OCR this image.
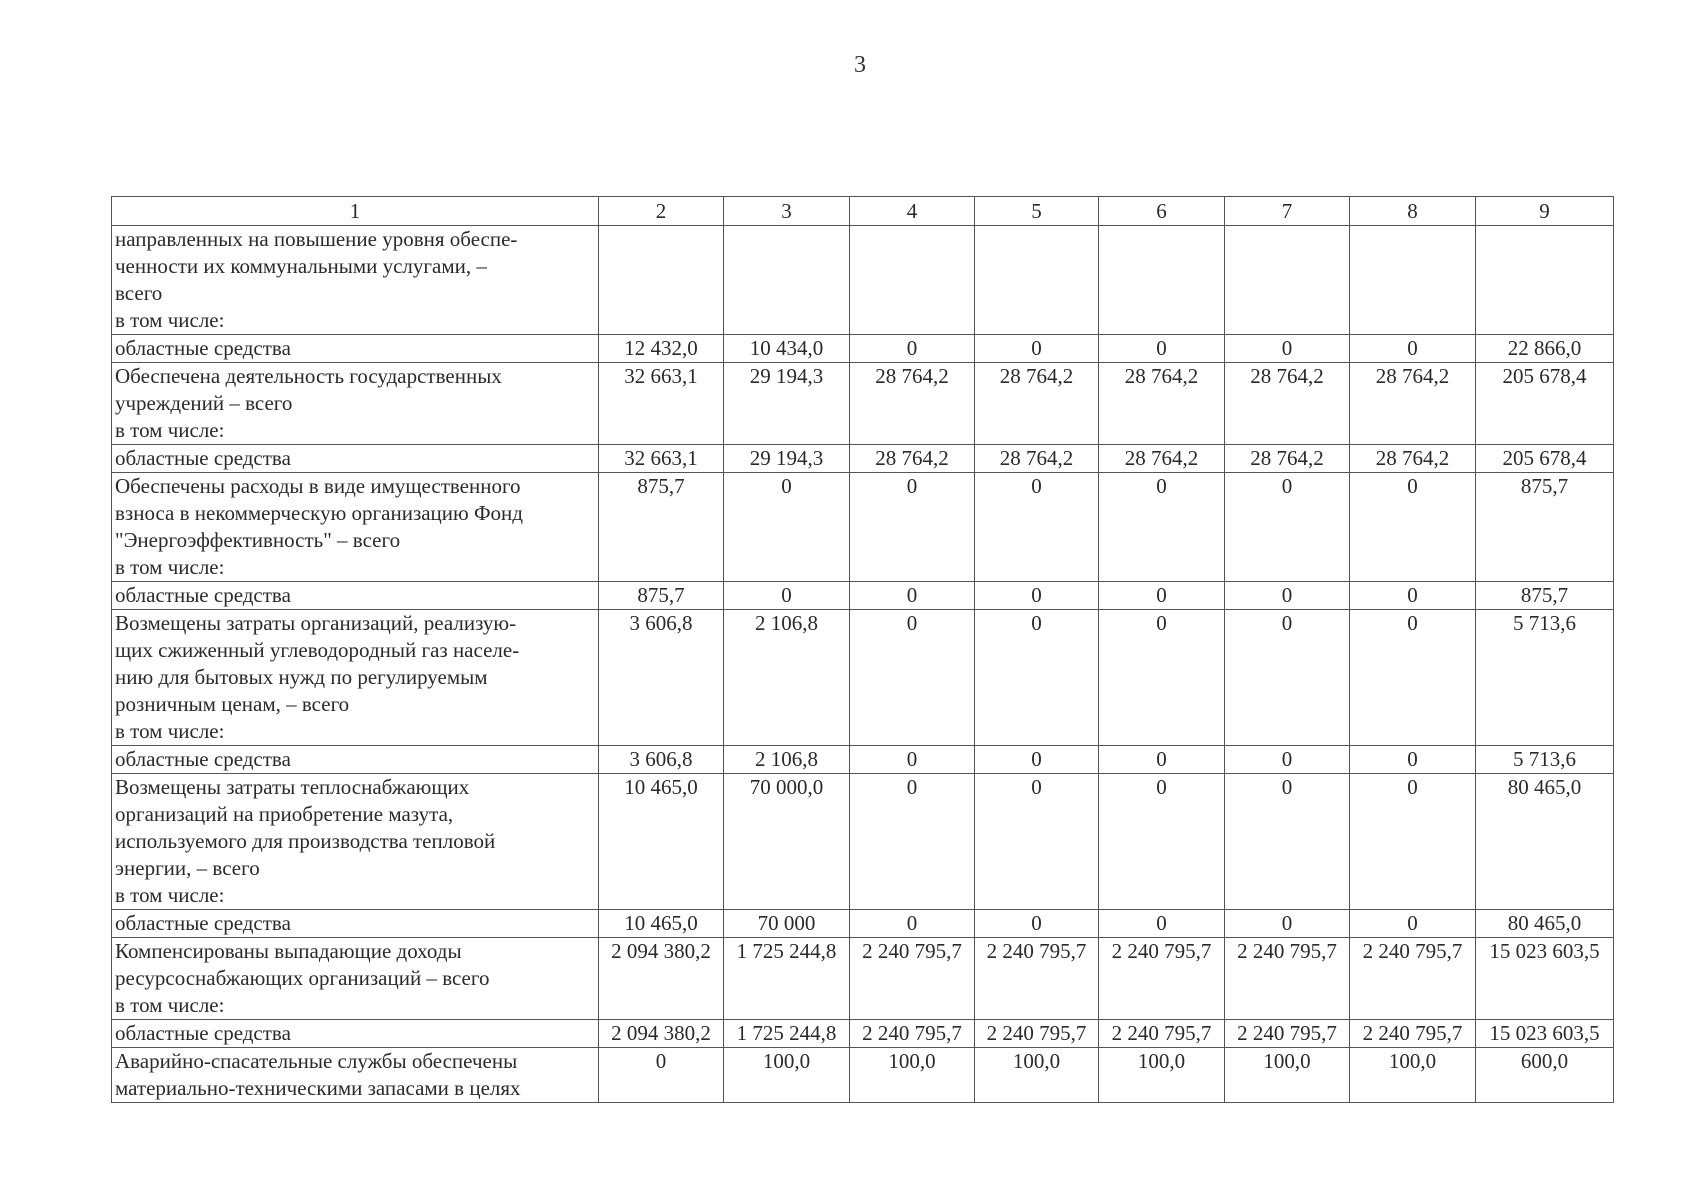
3
1	2	3	4	5	6	7	8	9
направленных на повышение уровня обеспе-
ченности их коммунальными услугами, –
всего
в том числе:								
областные средства	12 432,0	10 434,0	0	0	0	0	0	22 866,0
Обеспечена деятельность государственных
учреждений – всего
в том числе:	32 663,1	29 194,3	28 764,2	28 764,2	28 764,2	28 764,2	28 764,2	205 678,4
областные средства	32 663,1	29 194,3	28 764,2	28 764,2	28 764,2	28 764,2	28 764,2	205 678,4
Обеспечены расходы в виде имущественного
взноса в некоммерческую организацию Фонд
"Энергоэффективность" – всего
в том числе:	875,7	0	0	0	0	0	0	875,7
областные средства	875,7	0	0	0	0	0	0	875,7
Возмещены затраты организаций, реализую-
щих сжиженный углеводородный газ населе-
нию для бытовых нужд по регулируемым
розничным ценам, – всего
в том числе:	3 606,8	2 106,8	0	0	0	0	0	5 713,6
областные средства	3 606,8	2 106,8	0	0	0	0	0	5 713,6
Возмещены затраты теплоснабжающих
организаций на приобретение мазута,
используемого для производства тепловой
энергии, – всего
в том числе:	10 465,0	70 000,0	0	0	0	0	0	80 465,0
областные средства	10 465,0	70 000	0	0	0	0	0	80 465,0
Компенсированы выпадающие доходы
ресурсоснабжающих организаций – всего
в том числе:	2 094 380,2	1 725 244,8	2 240 795,7	2 240 795,7	2 240 795,7	2 240 795,7	2 240 795,7	15 023 603,5
областные средства	2 094 380,2	1 725 244,8	2 240 795,7	2 240 795,7	2 240 795,7	2 240 795,7	2 240 795,7	15 023 603,5
Аварийно-спасательные службы обеспечены
материально-техническими запасами в целях	0	100,0	100,0	100,0	100,0	100,0	100,0	600,0
